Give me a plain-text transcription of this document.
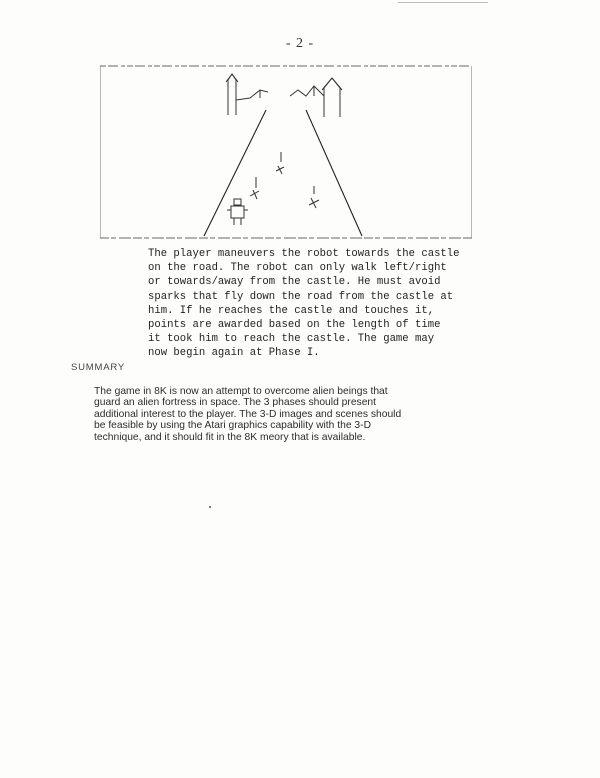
- 2 -
The player maneuvers the robot towards the castle
on the road. The robot can only walk left/right
or towards/away from the castle. He must avoid
sparks that fly down the road from the castle at
him. If he reaches the castle and touches it,
points are awarded based on the length of time
it took him to reach the castle. The game may
now begin again at Phase I.
SUMMARY
The game in 8K is now an attempt to overcome alien beings that
guard an alien fortress in space. The 3 phases should present
additional interest to the player. The 3-D images and scenes should
be feasible by using the Atari graphics capability with the 3-D
technique, and it should fit in the 8K meory that is available.
